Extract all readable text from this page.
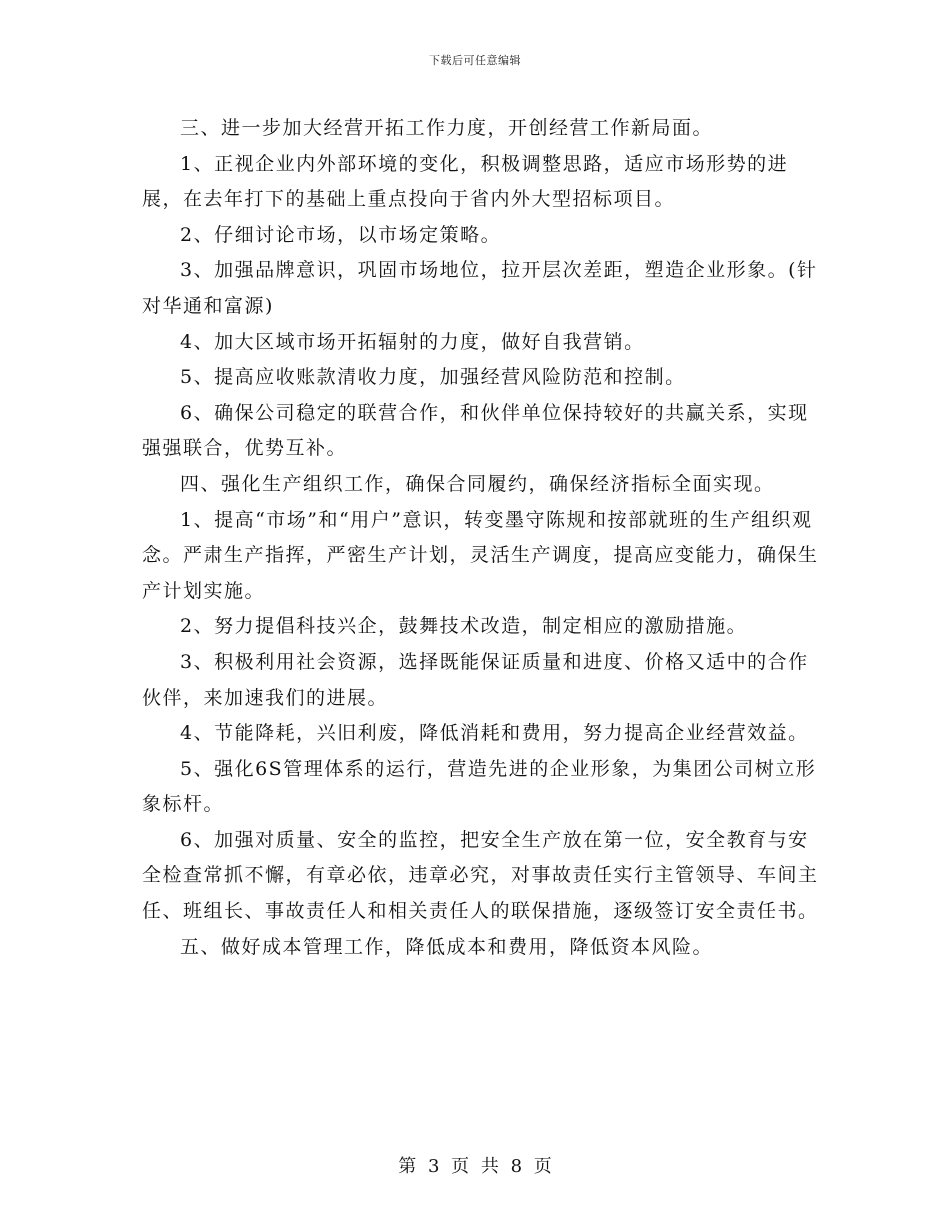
下载后可任意编辑

三、进一步加大经营开拓工作力度，开创经营工作新局面。

1、正视企业内外部环境的变化，积极调整思路，适应市场形势的进展，在去年打下的基础上重点投向于省内外大型招标项目。

2、仔细讨论市场，以市场定策略。

3、加强品牌意识，巩固市场地位，拉开层次差距，塑造企业形象。(针对华通和富源)

4、加大区域市场开拓辐射的力度，做好自我营销。

5、提高应收账款清收力度，加强经营风险防范和控制。

6、确保公司稳定的联营合作，和伙伴单位保持较好的共赢关系，实现强强联合，优势互补。

四、强化生产组织工作，确保合同履约，确保经济指标全面实现。

1、提高“市场”和“用户”意识，转变墨守陈规和按部就班的生产组织观念。严肃生产指挥，严密生产计划，灵活生产调度，提高应变能力，确保生产计划实施。

2、努力提倡科技兴企，鼓舞技术改造，制定相应的激励措施。

3、积极利用社会资源，选择既能保证质量和进度、价格又适中的合作伙伴，来加速我们的进展。

4、节能降耗，兴旧利废，降低消耗和费用，努力提高企业经营效益。

5、强化6S管理体系的运行，营造先进的企业形象，为集团公司树立形象标杆。

6、加强对质量、安全的监控，把安全生产放在第一位，安全教育与安全检查常抓不懈，有章必依，违章必究，对事故责任实行主管领导、车间主任、班组长、事故责任人和相关责任人的联保措施，逐级签订安全责任书。

五、做好成本管理工作，降低成本和费用，降低资本风险。

第 3 页 共 8 页
